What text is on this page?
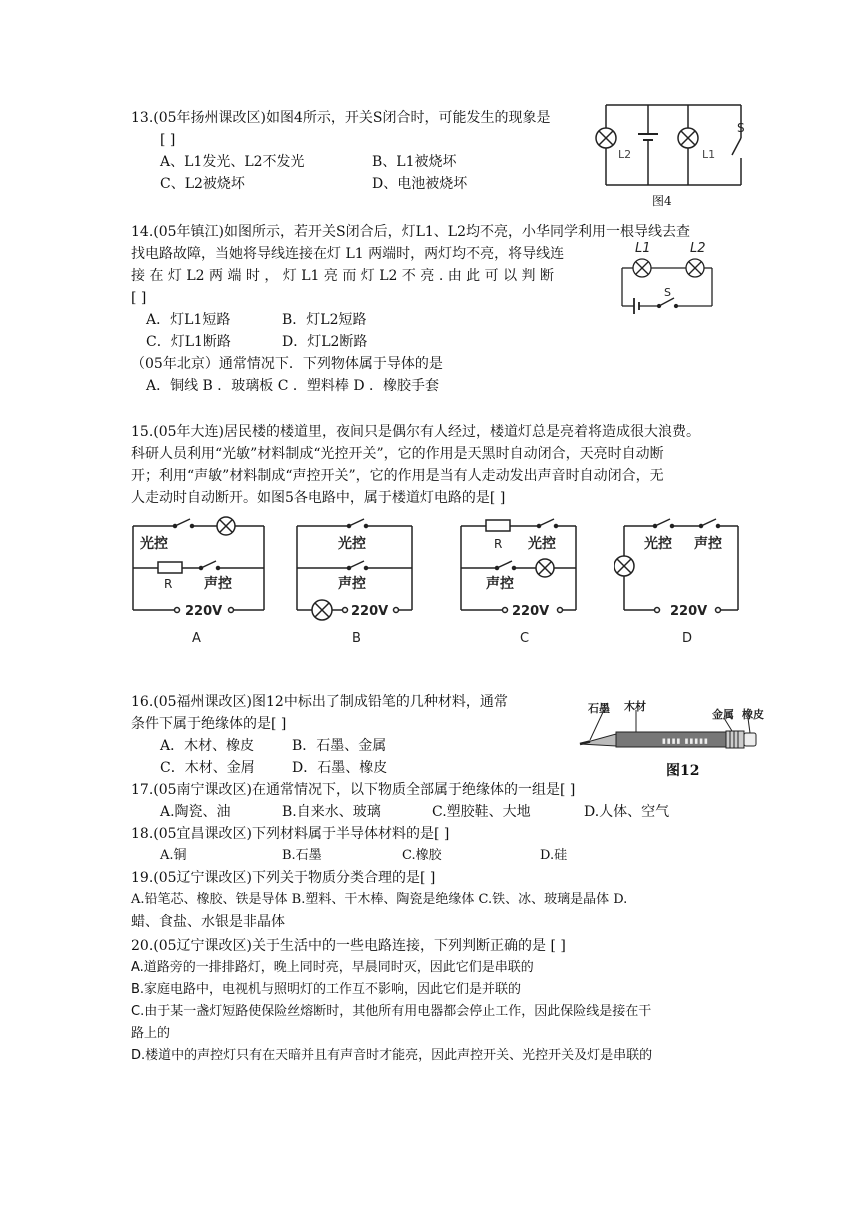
13.(05年扬州课改区)如图4所示，开关S闭合时，可能发生的现象是
[ ]
A、L1发光、L2不发光	B、L1被烧坏
C、L2被烧坏	D、电池被烧坏
L2	L1
S
图4
14.(05年镇江)如图所示，若开关S闭合后，灯L1、L2均不亮，小华同学利用一根导线去查
找电路故障，当她将导线连接在灯 L1 两端时，两灯均不亮，将导线连
接 在 灯 L2 两 端 时 ， 灯 L1 亮 而 灯 L2 不 亮 . 由 此 可 以 判 断
[ ]
A．灯L1短路	B．灯L2短路
C．灯L1断路	D．灯L2断路
L1	L2
S
（05年北京）通常情况下．下列物体属于导体的是
A．铜线 B ．玻璃板 C ．塑料棒 D ．橡胶手套
15.(05年大连)居民楼的楼道里，夜间只是偶尔有人经过，楼道灯总是亮着将造成很大浪费。
科研人员利用“光敏”材料制成“光控开关”，它的作用是天黑时自动闭合，天亮时自动断
开；利用“声敏”材料制成“声控开关”，它的作用是当有人走动发出声音时自动闭合，无
人走动时自动断开。如图5各电路中，属于楼道灯电路的是[ ]
光控
R 声控
220V
A
光控
声控
220V
B
R 光控
声控
220V
C
光控 声控
220V
D
16.(05福州课改区)图12中标出了制成铅笔的几种材料，通常
条件下属于绝缘体的是[ ]
A．木材、橡皮	B．石墨、金属
C．木材、金屑	D．石墨、橡皮
▮▮▮▮ ▮▮▮▮▮
石墨 木材
金属 橡皮
图12
17.(05南宁课改区)在通常情况下，以下物质全部属于绝缘体的一组是[ ]
A.陶瓷、油	B.自来水、玻璃	C.塑胶鞋、大地	D.人体、空气
18.(05宜昌课改区)下列材料属于半导体材料的是[ ]
A.铜	B.石墨	C.橡胶	D.硅
19.(05辽宁课改区)下列关于物质分类合理的是[ ]
A.铅笔芯、橡胶、铁是导体 B.塑料、干木棒、陶瓷是绝缘体 C.铁、冰、玻璃是晶体 D.
蜡、食盐、水银是非晶体
20.(05辽宁课改区)关于生活中的一些电路连接，下列判断正确的是 [ ]
A.道路旁的一排排路灯，晚上同时亮，早晨同时灭，因此它们是串联的
B.家庭电路中，电视机与照明灯的工作互不影响，因此它们是并联的
C.由于某一盏灯短路使保险丝熔断时，其他所有用电器都会停止工作，因此保险线是接在干
路上的
D.楼道中的声控灯只有在天暗并且有声音时才能亮，因此声控开关、光控开关及灯是串联的
